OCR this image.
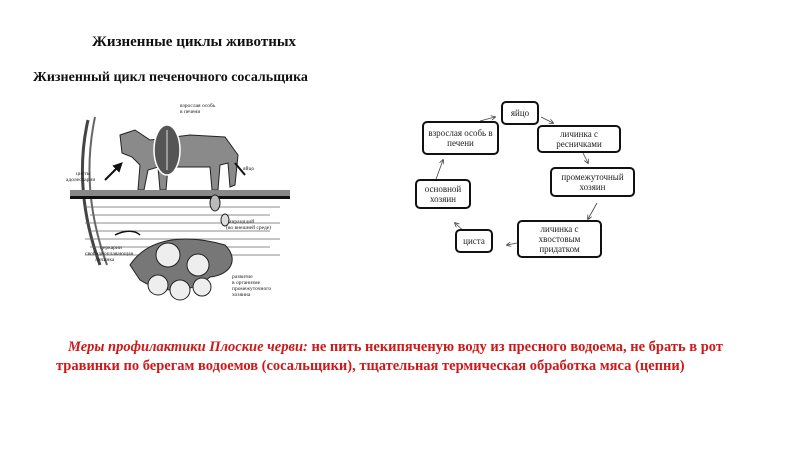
Жизненные циклы животных
Жизненный цикл печеночного сосальщика
взрослая особь
в печени
яйцо
цисты
адолескарии
мирацидий
(во внешней среде)
церкарии
свободноплавающая
личинка
развитие
в организме
промежуточного
хозяина
яйцо
личинка с ресничками
промежуточный хозяин
личинка с хвостовым придатком
циста
основной хозяин
взрослая особь в печени
Меры профилактики Плоские черви: не пить некипяченую воду из пресного водоема, не брать в рот травинки по берегам водоемов (сосальщики), тщательная термическая обработка мяса (цепни)
